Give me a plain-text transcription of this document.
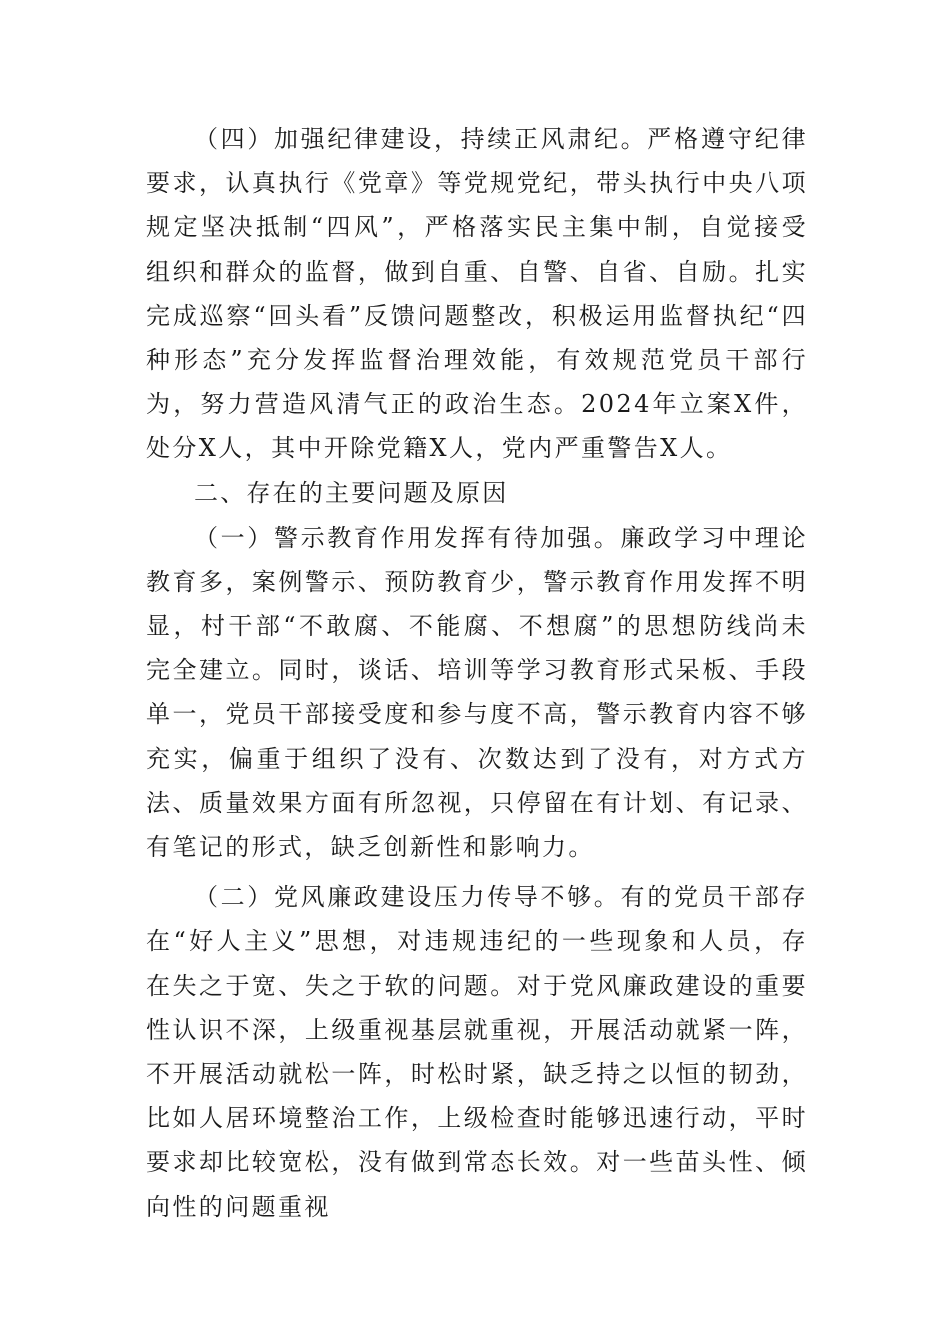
（四）加强纪律建设，持续正风肃纪。严格遵守纪律要求，认真执行《党章》等党规党纪，带头执行中央八项规定坚决抵制“四风”，严格落实民主集中制，自觉接受组织和群众的监督，做到自重、自警、自省、自励。扎实完成巡察“回头看”反馈问题整改，积极运用监督执纪“四种形态”充分发挥监督治理效能，有效规范党员干部行为，努力营造风清气正的政治生态。2024年立案X件，处分X人，其中开除党籍X人，党内严重警告X人。

二、存在的主要问题及原因

（一）警示教育作用发挥有待加强。廉政学习中理论教育多，案例警示、预防教育少，警示教育作用发挥不明显，村干部“不敢腐、不能腐、不想腐”的思想防线尚未完全建立。同时，谈话、培训等学习教育形式呆板、手段单一，党员干部接受度和参与度不高，警示教育内容不够充实，偏重于组织了没有、次数达到了没有，对方式方法、质量效果方面有所忽视，只停留在有计划、有记录、有笔记的形式，缺乏创新性和影响力。

（二）党风廉政建设压力传导不够。有的党员干部存在“好人主义”思想，对违规违纪的一些现象和人员，存在失之于宽、失之于软的问题。对于党风廉政建设的重要性认识不深，上级重视基层就重视，开展活动就紧一阵，不开展活动就松一阵，时松时紧，缺乏持之以恒的韧劲，比如人居环境整治工作，上级检查时能够迅速行动，平时要求却比较宽松，没有做到常态长效。对一些苗头性、倾向性的问题重视
